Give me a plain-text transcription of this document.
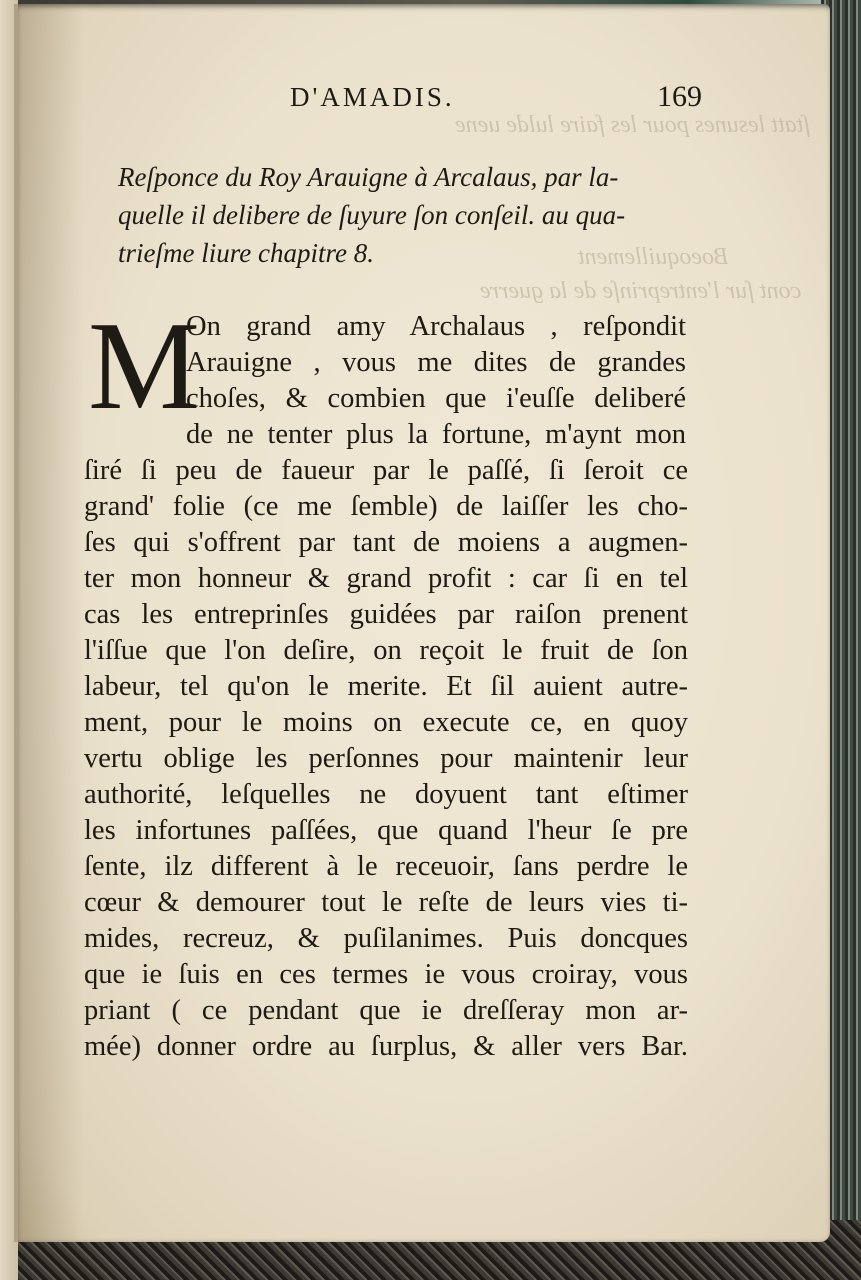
ſtatt lesunes pour les faire lulde uene
Boeoquillement
cont ſur l'entreprinſe de la guerre
D'AMADIS.	169
Reſponce du Roy Arauigne à Arcalaus, par la-
quelle il delibere de ſuyure ſon conſeil. au qua-
trieſme liure chapitre 8.
M
On grand amy Archalaus , reſpondit
Arauigne , vous me dites de grandes
choſes, & combien que i'euſſe deliberé
de ne tenter plus la fortune, m'aynt mon
ſiré ſi peu de faueur par le paſſé, ſi ſeroit ce
grand' folie (ce me ſemble) de laiſſer les cho-
ſes qui s'offrent par tant de moiens a augmen-
ter mon honneur & grand profit : car ſi en tel
cas les entreprinſes guidées par raiſon prenent
l'iſſue que l'on deſire, on reçoit le fruit de ſon
labeur, tel qu'on le merite. Et ſil auient autre-
ment, pour le moins on execute ce, en quoy
vertu oblige les perſonnes pour maintenir leur
authorité, leſquelles ne doyuent tant eſtimer
les infortunes paſſées, que quand l'heur ſe pre
ſente, ilz different à le receuoir, ſans perdre le
cœur & demourer tout le reſte de leurs vies ti-
mides, recreuz, & puſilanimes. Puis doncques
que ie ſuis en ces termes ie vous croiray, vous
priant ( ce pendant que ie dreſſeray mon ar-
mée) donner ordre au ſurplus, & aller vers Bar.
